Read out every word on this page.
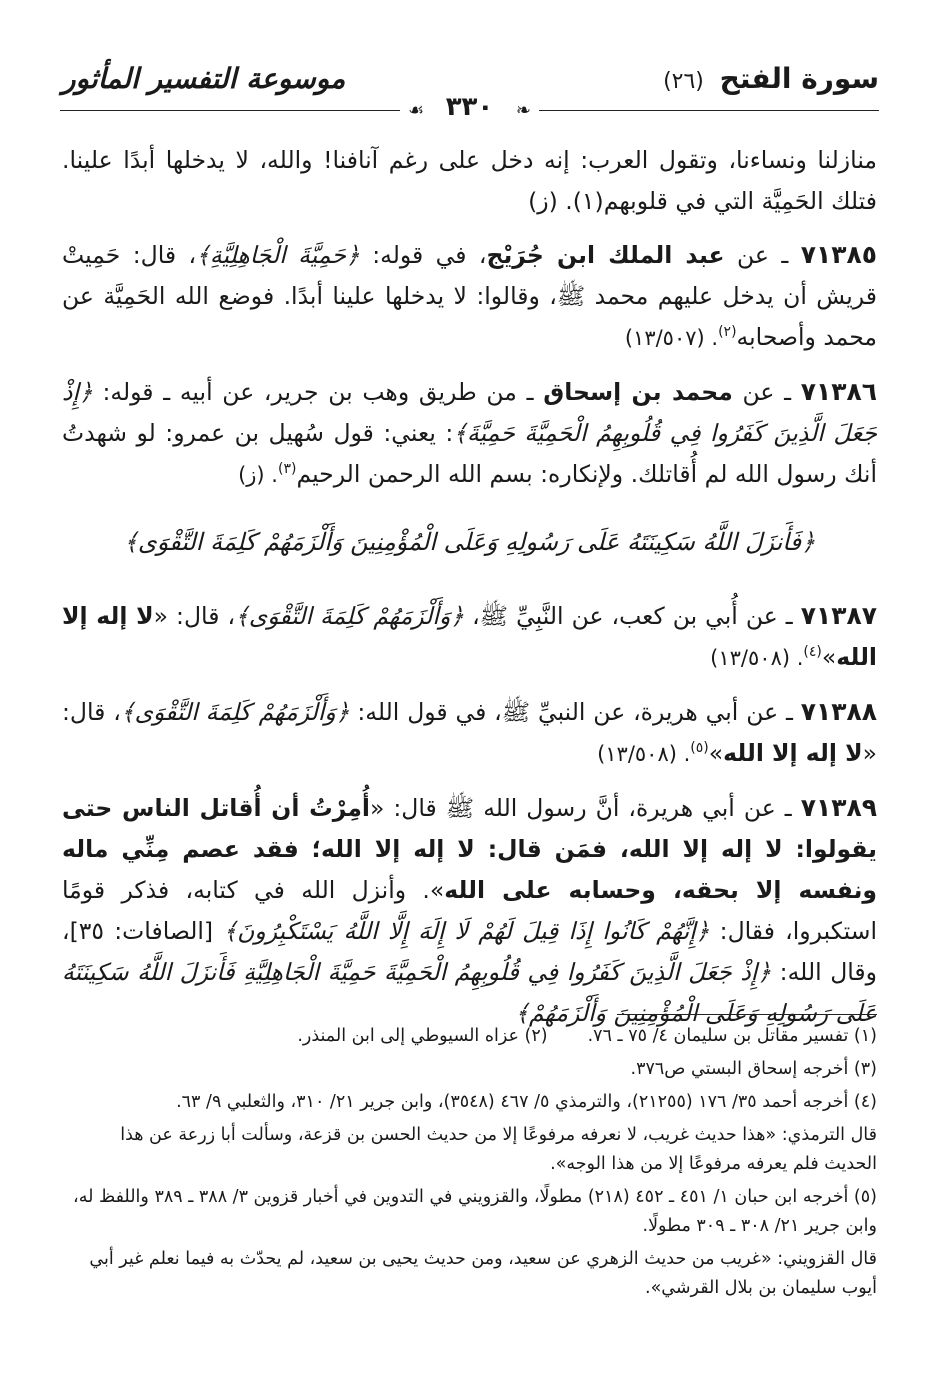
سورة الفتح (٢٦)
موسوعة التفسير المأثور
❧
☙ ٣٣٠

منازلنا ونساءنا، وتقول العرب: إنه دخل على رغم آنافنا! والله، لا يدخلها أبدًا علينا. فتلك الحَمِيَّة التي في قلوبهم(١). (ز)

٧١٣٨٥ ـ عن عبد الملك ابن جُرَيْج، في قوله: ﴿حَمِيَّةَ الْجَاهِلِيَّةِ﴾، قال: حَمِيتْ قريش أن يدخل عليهم محمد ﷺ، وقالوا: لا يدخلها علينا أبدًا. فوضع الله الحَمِيَّة عن محمد وأصحابه$^{(٢)}$. (١٣/٥٠٧)

٧١٣٨٦ ـ عن محمد بن إسحاق ـ من طريق وهب بن جرير، عن أبيه ـ قوله: ﴿إِذْ جَعَلَ الَّذِينَ كَفَرُوا فِي قُلُوبِهِمُ الْحَمِيَّةَ حَمِيَّةَ﴾: يعني: قول سُهيل بن عمرو: لو شهدتُ أنك رسول الله لم أُقاتلك. ولإنكاره: بسم الله الرحمن الرحيم$^{(٣)}$. (ز)

﴿فَأَنزَلَ اللَّهُ سَكِينَتَهُ عَلَى رَسُولِهِ وَعَلَى الْمُؤْمِنِينَ وَأَلْزَمَهُمْ كَلِمَةَ التَّقْوَى﴾

٧١٣٨٧ ـ عن أُبي بن كعب، عن النَّبِيِّ ﷺ، ﴿وَأَلْزَمَهُمْ كَلِمَةَ التَّقْوَى﴾، قال: «لا إله إلا الله»$^{(٤)}$. (١٣/٥٠٨)

٧١٣٨٨ ـ عن أبي هريرة، عن النبيِّ ﷺ، في قول الله: ﴿وَأَلْزَمَهُمْ كَلِمَةَ التَّقْوَى﴾، قال: «لا إله إلا الله»$^{(٥)}$. (١٣/٥٠٨)

٧١٣٨٩ ـ عن أبي هريرة، أنَّ رسول الله ﷺ قال: «أُمِرْتُ أن أُقاتل الناس حتى يقولوا: لا إله إلا الله، فمَن قال: لا إله إلا الله؛ فقد عصم مِنِّي ماله ونفسه إلا بحقه، وحسابه على الله». وأنزل الله في كتابه، فذكر قومًا استكبروا، فقال: ﴿إِنَّهُمْ كَانُوا إِذَا قِيلَ لَهُمْ لَا إِلَهَ إِلَّا اللَّهُ يَسْتَكْبِرُونَ﴾ [الصافات: ٣٥]، وقال الله: ﴿إِذْ جَعَلَ الَّذِينَ كَفَرُوا فِي قُلُوبِهِمُ الْحَمِيَّةَ حَمِيَّةَ الْجَاهِلِيَّةِ فَأَنزَلَ اللَّهُ سَكِينَتَهُ عَلَى رَسُولِهِ وَعَلَى الْمُؤْمِنِينَ وَأَلْزَمَهُمْ﴾

(١) تفسير مقاتل بن سليمان ٤/ ٧٥ ـ ٧٦.
(٢) عزاه السيوطي إلى ابن المنذر.
(٣) أخرجه إسحاق البستي ص٣٧٦.
(٤) أخرجه أحمد ٣٥/ ١٧٦ (٢١٢٥٥)، والترمذي ٥/ ٤٦٧ (٣٥٤٨)، وابن جرير ٢١/ ٣١٠، والثعلبي ٩/ ٦٣.
قال الترمذي: «هذا حديث غريب، لا نعرفه مرفوعًا إلا من حديث الحسن بن قزعة، وسألت أبا زرعة عن هذا الحديث فلم يعرفه مرفوعًا إلا من هذا الوجه».
(٥) أخرجه ابن حبان ١/ ٤٥١ ـ ٤٥٢ (٢١٨) مطولًا، والقزويني في التدوين في أخبار قزوين ٣/ ٣٨٨ ـ ٣٨٩ واللفظ له، وابن جرير ٢١/ ٣٠٨ ـ ٣٠٩ مطولًا.
قال القزويني: «غريب من حديث الزهري عن سعيد، ومن حديث يحيى بن سعيد، لم يحدّث به فيما نعلم غير أبي أيوب سليمان بن بلال القرشي».
